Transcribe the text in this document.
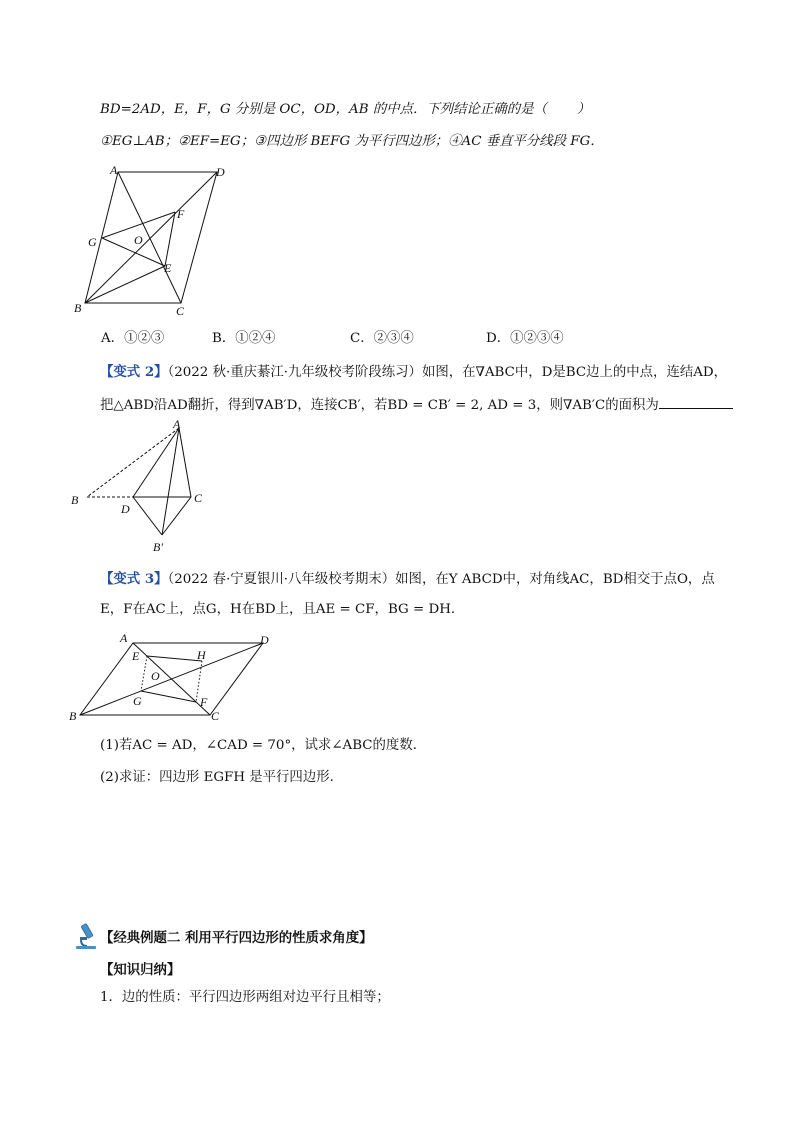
BD=2AD，E，F，G 分别是 OC，OD，AB 的中点．下列结论正确的是（ ）
①EG⊥AB；②EF=EG；③四边形 BEFG 为平行四边形；④AC 垂直平分线段 FG．
A	D
F
G	O
E
B	C
A．①②③	B．①②④	C．②③④	D．①②③④
【变式 2】（2022 秋·重庆綦江·九年级校考阶段练习）如图，在∇ABC中，D是BC边上的中点，连结AD，
把△ABD沿AD翻折，得到∇AB′D，连接CB′，若BD = CB′ = 2, AD = 3，则∇AB′C的面积为
A
B
D
C
B′
【变式 3】（2022 春·宁夏银川·八年级校考期末）如图，在Y ABCD中，对角线AC，BD相交于点O，点
E，F在AC上，点G，H在BD上，且AE = CF，BG = DH．
A	D
E	H
O
G	F
B	C
(1)若AC = AD，∠CAD = 70°，试求∠ABC的度数．
(2)求证：四边形 EGFH 是平行四边形．
【经典例题二 利用平行四边形的性质求角度】
【知识归纳】
1．边的性质：平行四边形两组对边平行且相等；
